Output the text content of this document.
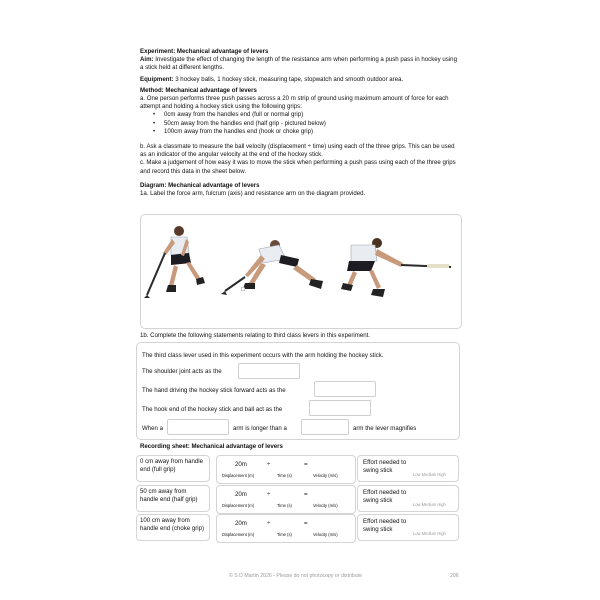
Experiment: Mechanical advantage of levers

Aim: Investigate the effect of changing the length of the resistance arm when performing a push pass in hockey using a stick held at different lengths.

Equipment: 3 hockey balls, 1 hockey stick, measuring tape, stopwatch and smooth outdoor area.

Method: Mechanical advantage of levers

a. One person performs three push passes across a 20 m strip of ground using maximum amount of force for each attempt and holding a hockey stick using the following grips:

• 0cm away from the handles end (full or normal grip)
• 50cm away from the handles end (half grip - pictured below)
• 100cm away from the handles end (hook or choke grip)

b. Ask a classmate to measure the ball velocity (displacement ÷ time) using each of the three grips. This can be used as an indicator of the angular velocity at the end of the hockey stick.

c. Make a judgement of how easy it was to move the stick when performing a push pass using each of the three grips and record this data in the sheet below.

Diagram: Mechanical advantage of levers

1a. Label the force arm, fulcrum (axis) and resistance arm on the diagram provided.

1b. Complete the following statements relating to third class levers in this experiment.

The third class lever used in this experiment occurs with the arm holding the hockey stick.
The shoulder joint acts as the
The hand driving the hockey stick forward acts as the
The hook end of the hockey stick and ball act as the
When a	arm is longer than a	arm the lever magnifies

Recording sheet: Mechanical advantage of levers

0 cm away from handle end (full grip)
20m	÷	=
Displacement (m)	Time (s)	Velocity (m/s)
Effort needed to swing stick
Low Medium High
50 cm away from handle end (half grip)
20m	÷	=
Displacement (m)	Time (s)	Velocity (m/s)
Effort needed to swing stick
Low Medium High
100 cm away from handle end (choke grip)
20m	÷	=
Displacement (m)	Time (s)	Velocity (m/s)
Effort needed to swing stick
Low Medium High
© S D Martin 2026 - Please do not photocopy or distribute	206
